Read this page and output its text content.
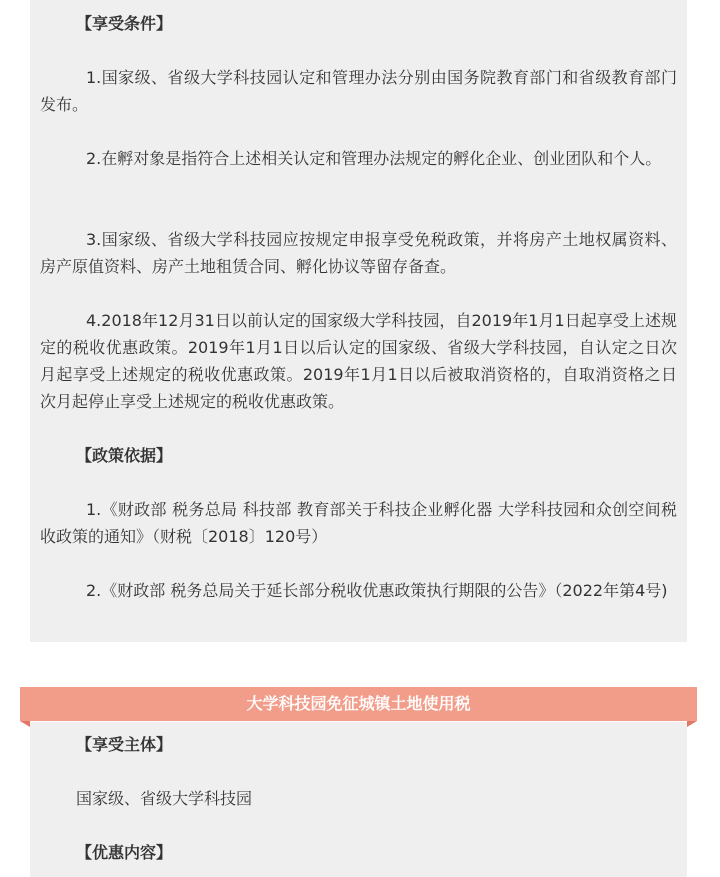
【享受条件】

1.国家级、省级大学科技园认定和管理办法分别由国务院教育部门和省级教育部门发布。

2.在孵对象是指符合上述相关认定和管理办法规定的孵化企业、创业团队和个人。

3.国家级、省级大学科技园应按规定申报享受免税政策，并将房产土地权属资料、房产原值资料、房产土地租赁合同、孵化协议等留存备查。

4.2018年12月31日以前认定的国家级大学科技园，自2019年1月1日起享受上述规定的税收优惠政策。2019年1月1日以后认定的国家级、省级大学科技园，自认定之日次月起享受上述规定的税收优惠政策。2019年1月1日以后被取消资格的，自取消资格之日次月起停止享受上述规定的税收优惠政策。

【政策依据】

1.《财政部 税务总局 科技部 教育部关于科技企业孵化器 大学科技园和众创空间税收政策的通知》（财税〔2018〕120号）

2.《财政部 税务总局关于延长部分税收优惠政策执行期限的公告》（2022年第4号)

大学科技园免征城镇土地使用税

【享受主体】

国家级、省级大学科技园

【优惠内容】
